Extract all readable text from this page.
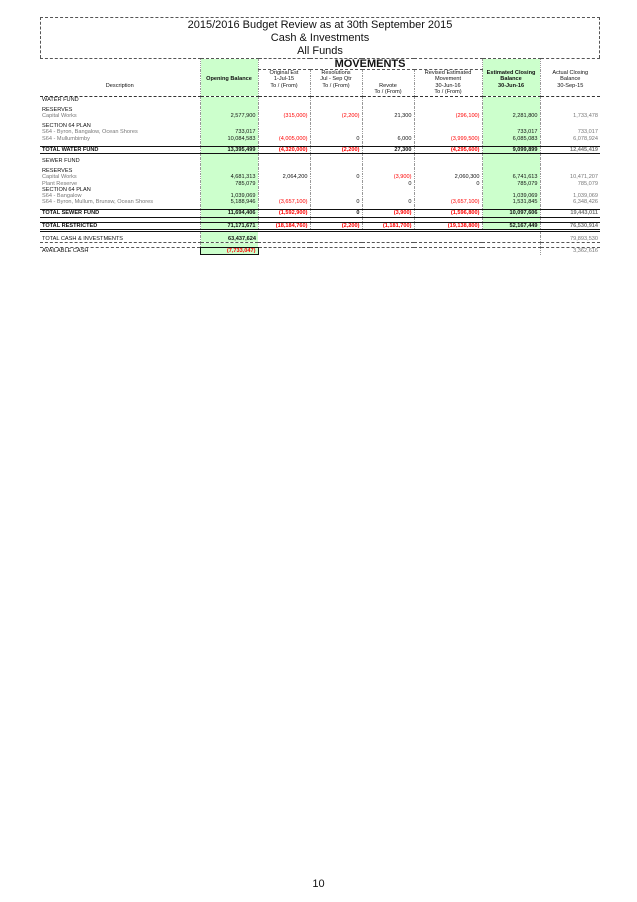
2015/2016 Budget Review as at 30th September 2015
Cash & Investments
All Funds
		MOVEMENTS					
		Original Est	Resolutions		Revised Estimated	Estimated Closing	Actual Closing
	Opening Balance	1-Jul-15	Jul - Sep Qtr		Movement	Balance	Balance
Description		To / (From)	To / (From)	Revote	30-Jun-16	30-Jun-16	30-Sep-15
				To / (From)	To / (From)		
WATER FUND							

RESERVES							
Capital Works	2,577,900	(315,000)	(2,200)	21,300	(296,100)	2,281,800	1,733,478

SECTION 64 PLAN							
S64 - Byron, Bangalow, Ocean Shores	733,017					733,017	733,017
S64 - Mullumbimby	10,084,583	(4,005,000)	0	6,000	(3,999,500)	6,085,083	6,078,924

TOTAL WATER FUND	13,395,499	(4,320,000)	(2,200)	27,300	(4,295,600)	9,099,899	12,445,419

SEWER FUND							

RESERVES							
Capital Works	4,681,313	2,064,200	0	(3,900)	2,060,300	6,741,613	10,471,207
Plant Reserve	785,079			0	0	785,079	785,079
SECTION 64 PLAN							
S64 - Bangalow	1,039,069					1,039,069	1,039,069
S64 - Byron, Mullum, Brunsw, Ocean Shores	5,188,946	(3,657,100)	0	0	(3,657,100)	1,531,845	6,348,426

TOTAL SEWER FUND	11,694,406	(1,592,900)	0	(3,900)	(1,596,800)	10,097,606	19,443,011

TOTAL RESTRICTED	71,171,671	(18,184,760)	(2,200)	(1,181,700)	(19,138,800)	52,167,449	76,530,914

TOTAL CASH & INVESTMENTS	63,437,624						79,893,530

AVAILABLE CASH	(7,733,047)						3,362,616
10
